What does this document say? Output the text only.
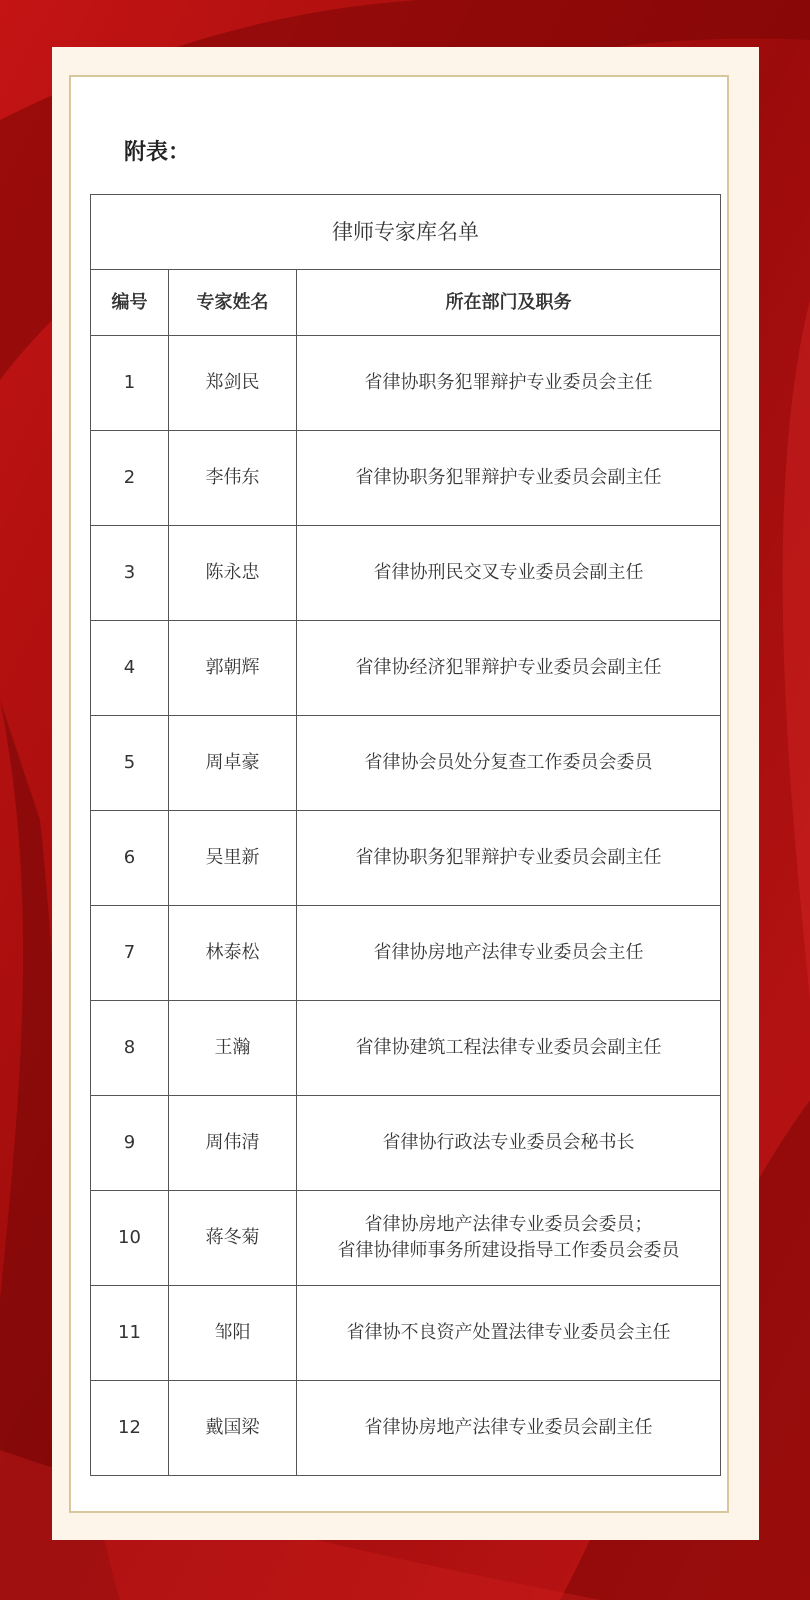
附表：
律师专家库名单		
编号	专家姓名	所在部门及职务
1	郑剑民	省律协职务犯罪辩护专业委员会主任

2	李伟东	省律协职务犯罪辩护专业委员会副主任

3	陈永忠	省律协刑民交叉专业委员会副主任

4	郭朝辉	省律协经济犯罪辩护专业委员会副主任

5	周卓豪	省律协会员处分复查工作委员会委员

6	吴里新	省律协职务犯罪辩护专业委员会副主任

7	林泰松	省律协房地产法律专业委员会主任

8	王瀚	省律协建筑工程法律专业委员会副主任

9	周伟清	省律协行政法专业委员会秘书长

10	蒋冬菊	省律协房地产法律专业委员会委员；
省律协律师事务所建设指导工作委员会委员

11	邹阳	省律协不良资产处置法律专业委员会主任

12	戴国梁	省律协房地产法律专业委员会副主任
